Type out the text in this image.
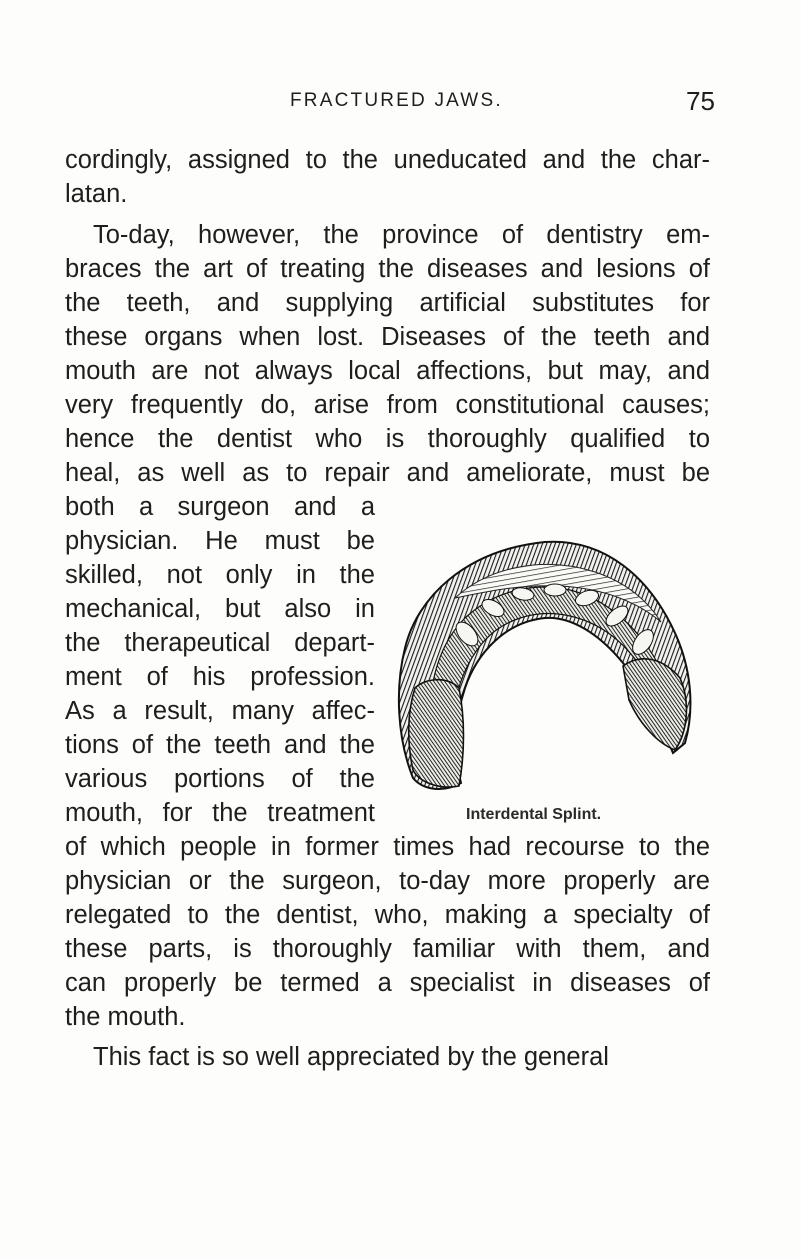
FRACTURED JAWS.	75
cordingly, assigned to the uneducated and the char-
latan.
To-day, however, the province of dentistry em-
braces the art of treating the diseases and lesions of
the teeth, and supplying artificial substitutes for
these organs when lost. Diseases of the teeth and
mouth are not always local affections, but may, and
very frequently do, arise from constitutional causes;
hence the dentist who is thoroughly qualified to
heal, as well as to repair and ameliorate, must be
both a surgeon and a
physician. He must be
skilled, not only in the
mechanical, but also in
the therapeutical depart-
ment of his profession.
As a result, many affec-
tions of the teeth and the
various portions of the
mouth, for the treatment
of which people in former times had recourse to the
physician or the surgeon, to-day more properly are
relegated to the dentist, who, making a specialty of
these parts, is thoroughly familiar with them, and
can properly be termed a specialist in diseases of
the mouth.
This fact is so well appreciated by the general
Interdental Splint.
